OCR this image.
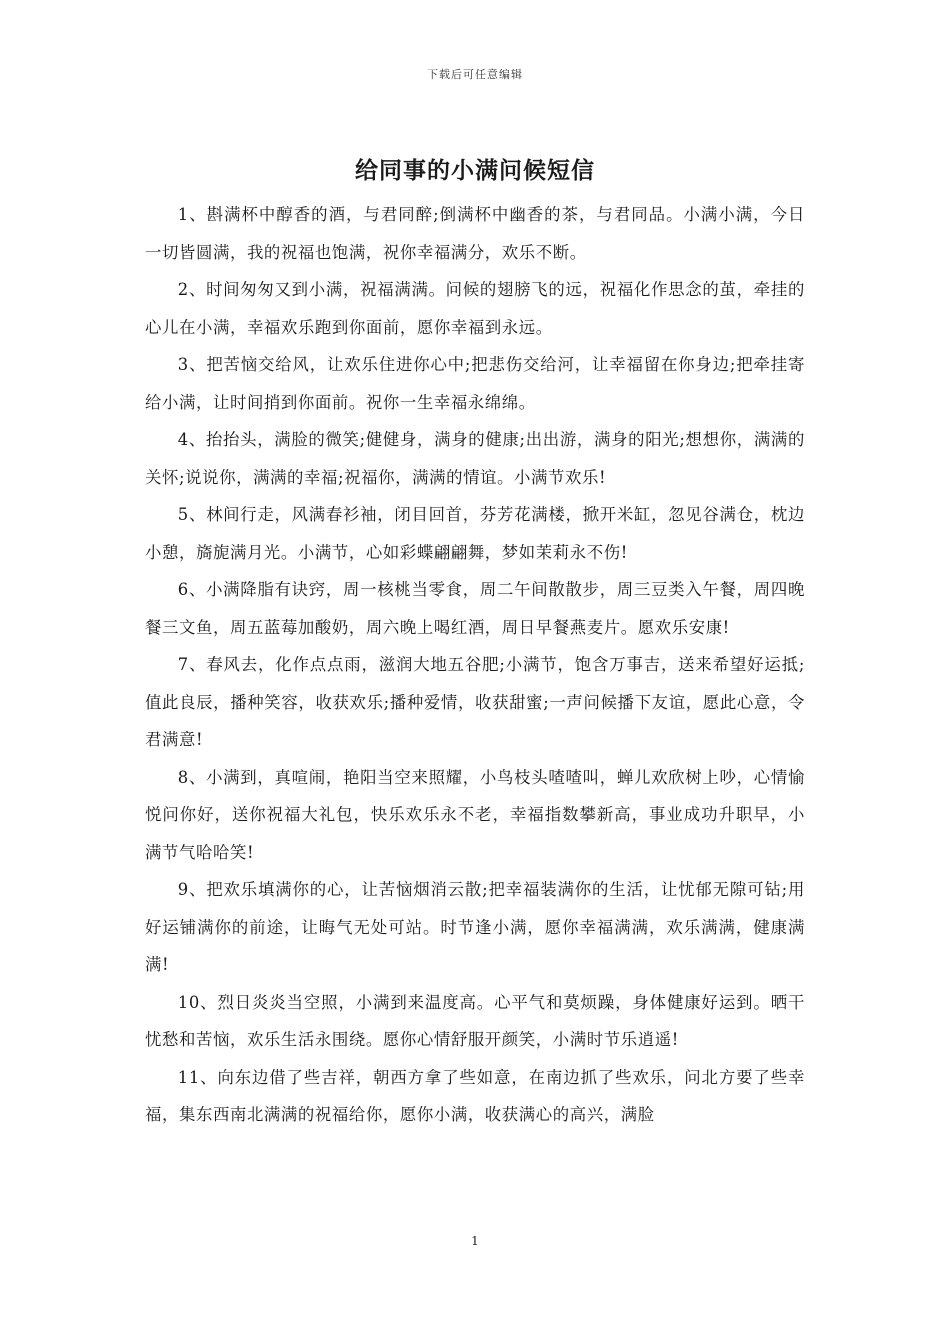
下载后可任意编辑
给同事的小满问候短信

1、斟满杯中醇香的酒，与君同醉;倒满杯中幽香的茶，与君同品。小满小满，今日一切皆圆满，我的祝福也饱满，祝你幸福满分，欢乐不断。

2、时间匆匆又到小满，祝福满满。问候的翅膀飞的远，祝福化作思念的茧，牵挂的心儿在小满，幸福欢乐跑到你面前，愿你幸福到永远。

3、把苦恼交给风，让欢乐住进你心中;把悲伤交给河，让幸福留在你身边;把牵挂寄给小满，让时间捎到你面前。祝你一生幸福永绵绵。

4、抬抬头，满脸的微笑;健健身，满身的健康;出出游，满身的阳光;想想你，满满的关怀;说说你，满满的幸福;祝福你，满满的情谊。小满节欢乐!

5、林间行走，风满春衫袖，闭目回首，芬芳花满楼，掀开米缸，忽见谷满仓，枕边小憩，旖旎满月光。小满节，心如彩蝶翩翩舞，梦如茉莉永不伤!

6、小满降脂有诀窍，周一核桃当零食，周二午间散散步，周三豆类入午餐，周四晚餐三文鱼，周五蓝莓加酸奶，周六晚上喝红酒，周日早餐燕麦片。愿欢乐安康!

7、春风去，化作点点雨，滋润大地五谷肥;小满节，饱含万事吉，送来希望好运抵;值此良辰，播种笑容，收获欢乐;播种爱情，收获甜蜜;一声问候播下友谊，愿此心意，令君满意!

8、小满到，真喧闹，艳阳当空来照耀，小鸟枝头喳喳叫，蝉儿欢欣树上吵，心情愉悦问你好，送你祝福大礼包，快乐欢乐永不老，幸福指数攀新高，事业成功升职早，小满节气哈哈笑!

9、把欢乐填满你的心，让苦恼烟消云散;把幸福装满你的生活，让忧郁无隙可钻;用好运铺满你的前途，让晦气无处可站。时节逢小满，愿你幸福满满，欢乐满满，健康满满!

10、烈日炎炎当空照，小满到来温度高。心平气和莫烦躁，身体健康好运到。晒干忧愁和苦恼，欢乐生活永围绕。愿你心情舒服开颜笑，小满时节乐逍遥!

11、向东边借了些吉祥，朝西方拿了些如意，在南边抓了些欢乐，问北方要了些幸福，集东西南北满满的祝福给你，愿你小满，收获满心的高兴，满脸

1
